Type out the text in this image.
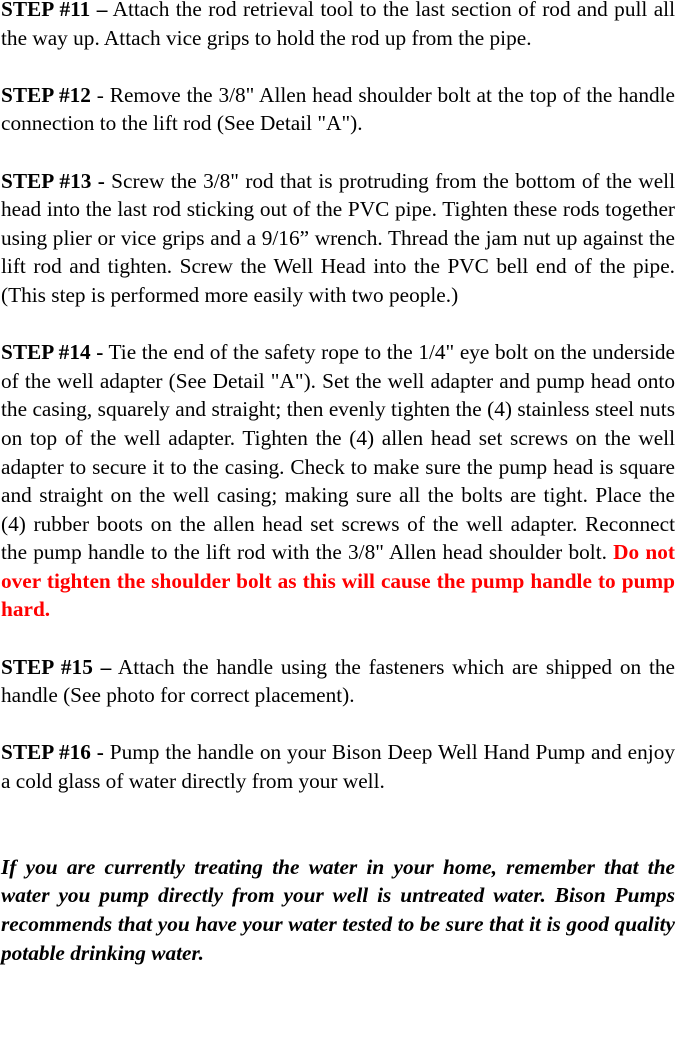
STEP #11 – Attach the rod retrieval tool to the last section of rod and pull all the way up. Attach vice grips to hold the rod up from the pipe.

STEP #12 - Remove the 3/8" Allen head shoulder bolt at the top of the handle connection to the lift rod (See Detail "A").

STEP #13 - Screw the 3/8" rod that is protruding from the bottom of the well head into the last rod sticking out of the PVC pipe. Tighten these rods together using plier or vice grips and a 9/16” wrench. Thread the jam nut up against the lift rod and tighten. Screw the Well Head into the PVC bell end of the pipe. (This step is performed more easily with two people.)

STEP #14 - Tie the end of the safety rope to the 1/4" eye bolt on the underside of the well adapter (See Detail "A"). Set the well adapter and pump head onto the casing, squarely and straight; then evenly tighten the (4) stainless steel nuts on top of the well adapter. Tighten the (4) allen head set screws on the well adapter to secure it to the casing. Check to make sure the pump head is square and straight on the well casing; making sure all the bolts are tight. Place the (4) rubber boots on the allen head set screws of the well adapter. Reconnect the pump handle to the lift rod with the 3/8" Allen head shoulder bolt. Do not over tighten the shoulder bolt as this will cause the pump handle to pump hard.

STEP #15 – Attach the handle using the fasteners which are shipped on the handle (See photo for correct placement).

STEP #16 - Pump the handle on your Bison Deep Well Hand Pump and enjoy a cold glass of water directly from your well.

If you are currently treating the water in your home, remember that the water you pump directly from your well is untreated water. Bison Pumps recommends that you have your water tested to be sure that it is good quality potable drinking water.
